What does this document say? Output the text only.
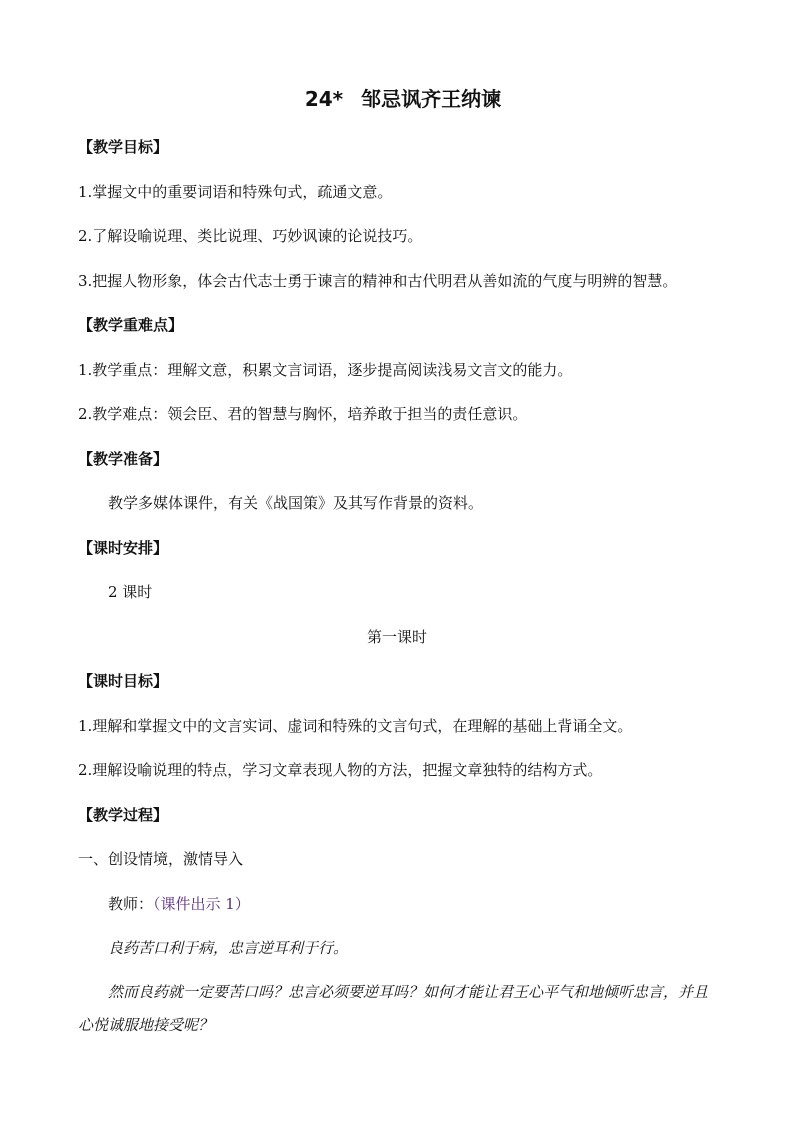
24* 邹忌讽齐王纳谏
【教学目标】
1.掌握文中的重要词语和特殊句式，疏通文意。
2.了解设喻说理、类比说理、巧妙讽谏的论说技巧。
3.把握人物形象，体会古代志士勇于谏言的精神和古代明君从善如流的气度与明辨的智慧。
【教学重难点】
1.教学重点：理解文意，积累文言词语，逐步提高阅读浅易文言文的能力。
2.教学难点：领会臣、君的智慧与胸怀，培养敢于担当的责任意识。
【教学准备】
教学多媒体课件，有关《战国策》及其写作背景的资料。
【课时安排】
2 课时
第一课时
【课时目标】
1.理解和掌握文中的文言实词、虚词和特殊的文言句式，在理解的基础上背诵全文。
2.理解设喻说理的特点，学习文章表现人物的方法，把握文章独特的结构方式。
【教学过程】
一、创设情境，激情导入
教师：（课件出示 1）
良药苦口利于病，忠言逆耳利于行。
然而良药就一定要苦口吗？忠言必须要逆耳吗？如何才能让君王心平气和地倾听忠言，并且心悦诚服地接受呢？
